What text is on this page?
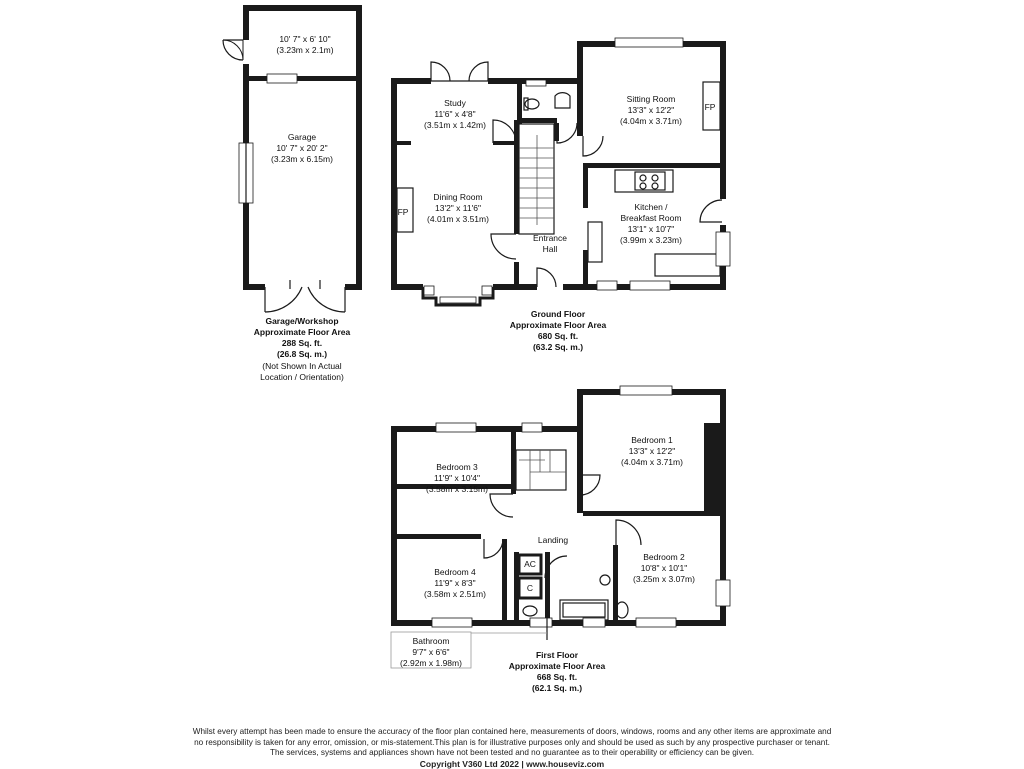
10' 7" x 6' 10"
(3.23m x 2.1m)
Garage
10' 7" x 20' 2"
(3.23m x 6.15m)
Garage/Workshop
Approximate Floor Area
288 Sq. ft.
(26.8 Sq. m.)
(Not Shown In Actual
Location / Orientation)
Study
11'6" x 4'8"
(3.51m x 1.42m)
Dining Room
13'2" x 11'6"
(4.01m x 3.51m)
FP
Sitting Room
13'3" x 12'2"
(4.04m x 3.71m)
FP
Kitchen /
Breakfast Room
13'1" x 10'7"
(3.99m x 3.23m)
Entrance
Hall
Ground Floor
Approximate Floor Area
680 Sq. ft.
(63.2 Sq. m.)
Bedroom 3
11'9" x 10'4"
(3.58m x 3.15m)
Bedroom 1
13'3" x 12'2"
(4.04m x 3.71m)
Bedroom 2
10'8" x 10'1"
(3.25m x 3.07m)
Bedroom 4
11'9" x 8'3"
(3.58m x 2.51m)
Landing
AC
C
Bathroom
9'7" x 6'6"
(2.92m x 1.98m)
First Floor
Approximate Floor Area
668 Sq. ft.
(62.1 Sq. m.)
Whilst every attempt has been made to ensure the accuracy of the floor plan contained here, measurements of doors, windows, rooms and any other items are approximate and
no responsibility is taken for any error, omission, or mis-statement.This plan is for illustrative purposes only and should be used as such by any prospective purchaser or tenant.
The services, systems and appliances shown have not been tested and no guarantee as to their operability or efficiency can be given.
Copyright V360 Ltd 2022 | www.houseviz.com
